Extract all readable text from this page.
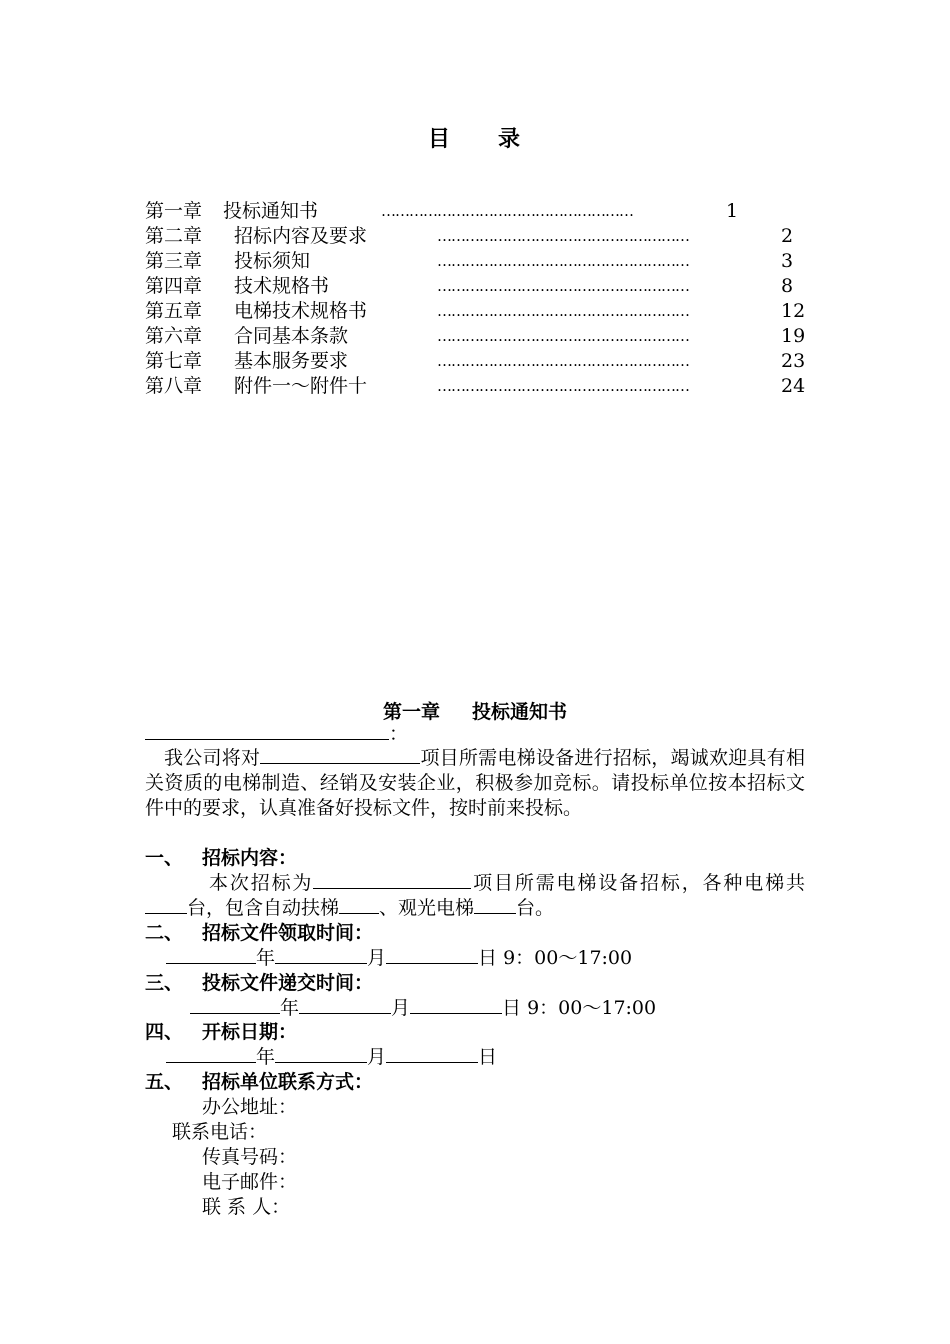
目 录
第一章 投标通知书	………………………………………………	1
第二章 招标内容及要求	………………………………………………	2
第三章 投标须知	………………………………………………	3
第四章 技术规格书	………………………………………………	8
第五章 电梯技术规格书	………………………………………………	12
第六章 合同基本条款	………………………………………………	19
第七章 基本服务要求	………………………………………………	23
第八章 附件一～附件十	………………………………………………	24
第一章 投标通知书
：
我公司将对	项目所需电梯设备进行招标，竭诚欢迎具有相关资质的电梯制造、经销及安装企业，积极参加竞标。请投标单位按本招标文件中的要求，认真准备好投标文件，按时前来投标。
一、 招标内容：
本次招标为	项目所需电梯设备招标，各种电梯共台，包含自动扶梯 、观光电梯 台。
二、 招标文件领取时间：
年	月	日 9：00～17:00
三、 投标文件递交时间：
年	月	日 9：00～17:00
四、 开标日期：
年	月	日
五、 招标单位联系方式：
办公地址：
联系电话：
传真号码：
电子邮件：
联 系 人：
